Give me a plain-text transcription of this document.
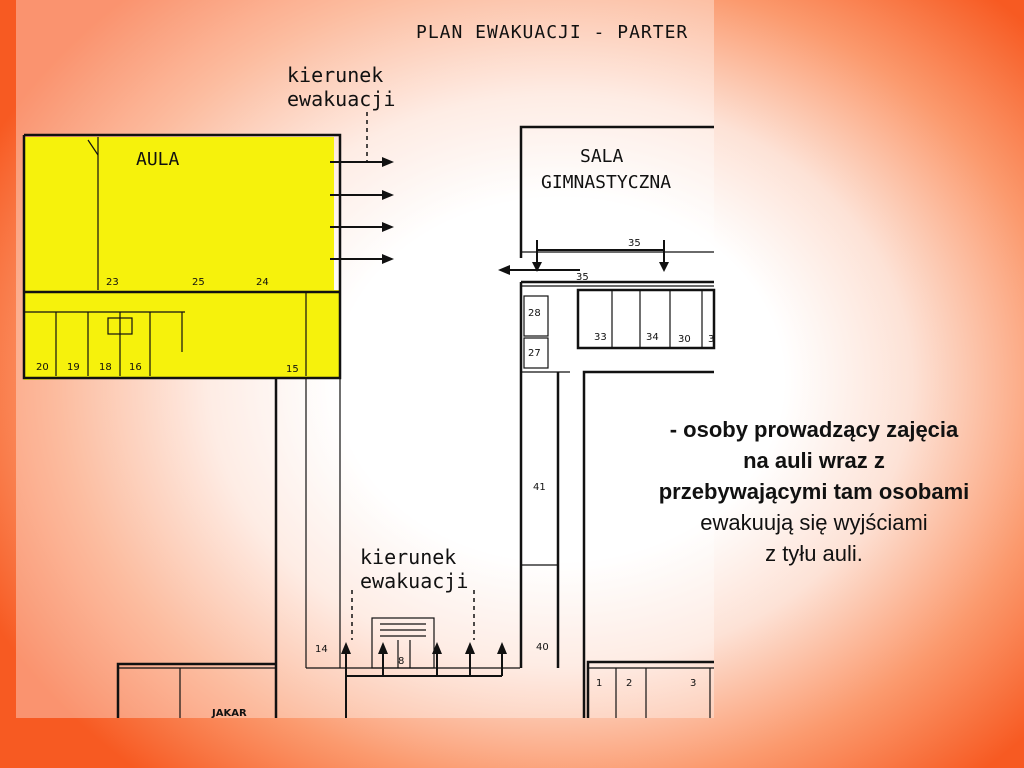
PLAN EWAKUACJI - PARTER
kierunek
ewakuacji
AULA
23	25	24
20 19 18 16	15
JAKAR
SALA
GIMNASTYCZNA
35
35
33	34 30 3
28
27
41
40
14
1 2	3
kierunek
ewakuacji
8
- osoby prowadzący zajęcia
na auli wraz z
przebywającymi tam osobami
ewakuują się wyjściami
z tyłu auli.
